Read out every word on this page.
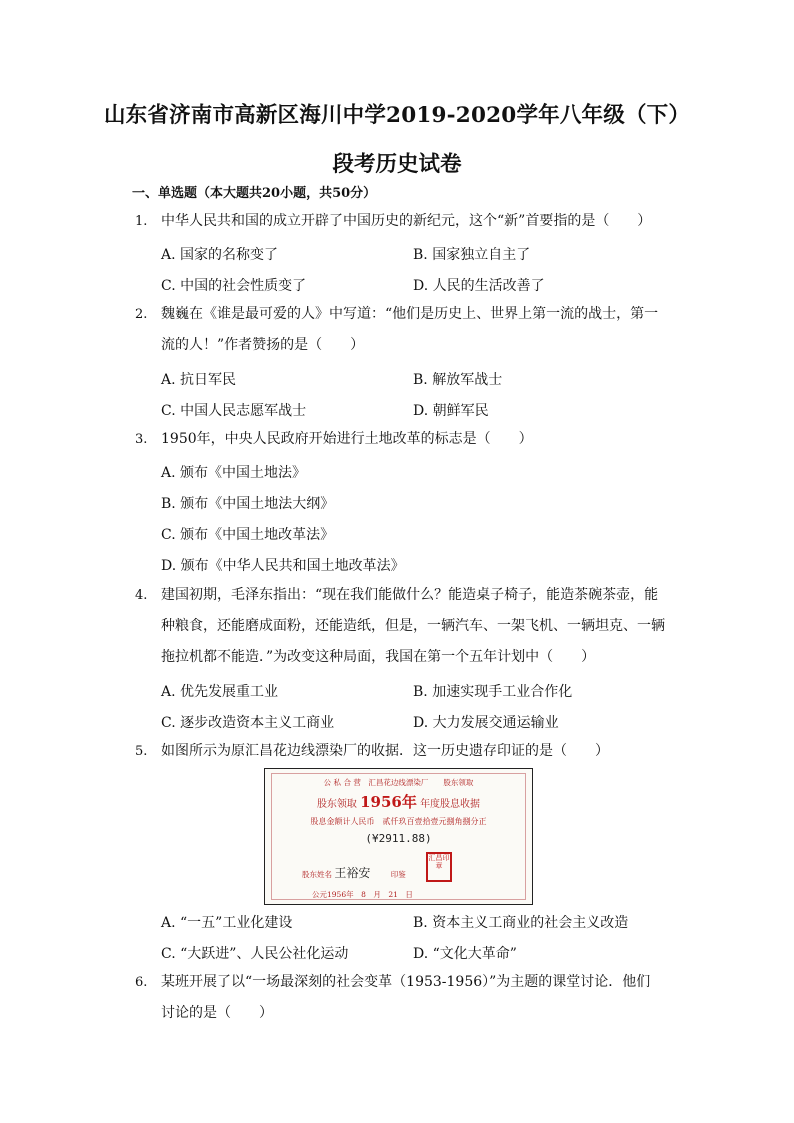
山东省济南市高新区海川中学2019-2020学年八年级（下）
段考历史试卷
一、单选题（本大题共20小题，共50分）
1. 中华人民共和国的成立开辟了中国历史的新纪元，这个“新”首要指的是（　　）
A. 国家的名称变了	B. 国家独立自主了
C. 中国的社会性质变了	D. 人民的生活改善了
2. 魏巍在《谁是最可爱的人》中写道：“他们是历史上、世界上第一流的战士，第一
流的人！”作者赞扬的是（　　）
A. 抗日军民	B. 解放军战士
C. 中国人民志愿军战士	D. 朝鲜军民
3. 1950年，中央人民政府开始进行土地改革的标志是（　　）
A. 颁布《中国土地法》
B. 颁布《中国土地法大纲》
C. 颁布《中国土地改革法》
D. 颁布《中华人民共和国土地改革法》
4. 建国初期，毛泽东指出：“现在我们能做什么？能造桌子椅子，能造茶碗茶壶，能
种粮食，还能磨成面粉，还能造纸，但是，一辆汽车、一架飞机、一辆坦克、一辆
拖拉机都不能造．”为改变这种局面，我国在第一个五年计划中（　　）
A. 优先发展重工业	B. 加速实现手工业合作化
C. 逐步改造资本主义工商业	D. 大力发展交通运输业
5. 如图所示为原汇昌花边线漂染厂的收据．这一历史遗存印证的是（　　）
公 私 合 营　汇昌花边线漂染厂　　股东领取
股东领取 1956年 年度股息收据
股息金额计人民币　贰仟玖百壹拾壹元捌角捌分正
(¥2911.88)
股东姓名 王裕安	印鉴
汇昌印章
公元1956年　8　月　21　日
A. “一五”工业化建设	B. 资本主义工商业的社会主义改造
C. “大跃进”、人民公社化运动	D. “文化大革命”
6. 某班开展了以“一场最深刻的社会变革（1953-1956）”为主题的课堂讨论．他们
讨论的是（　　）
